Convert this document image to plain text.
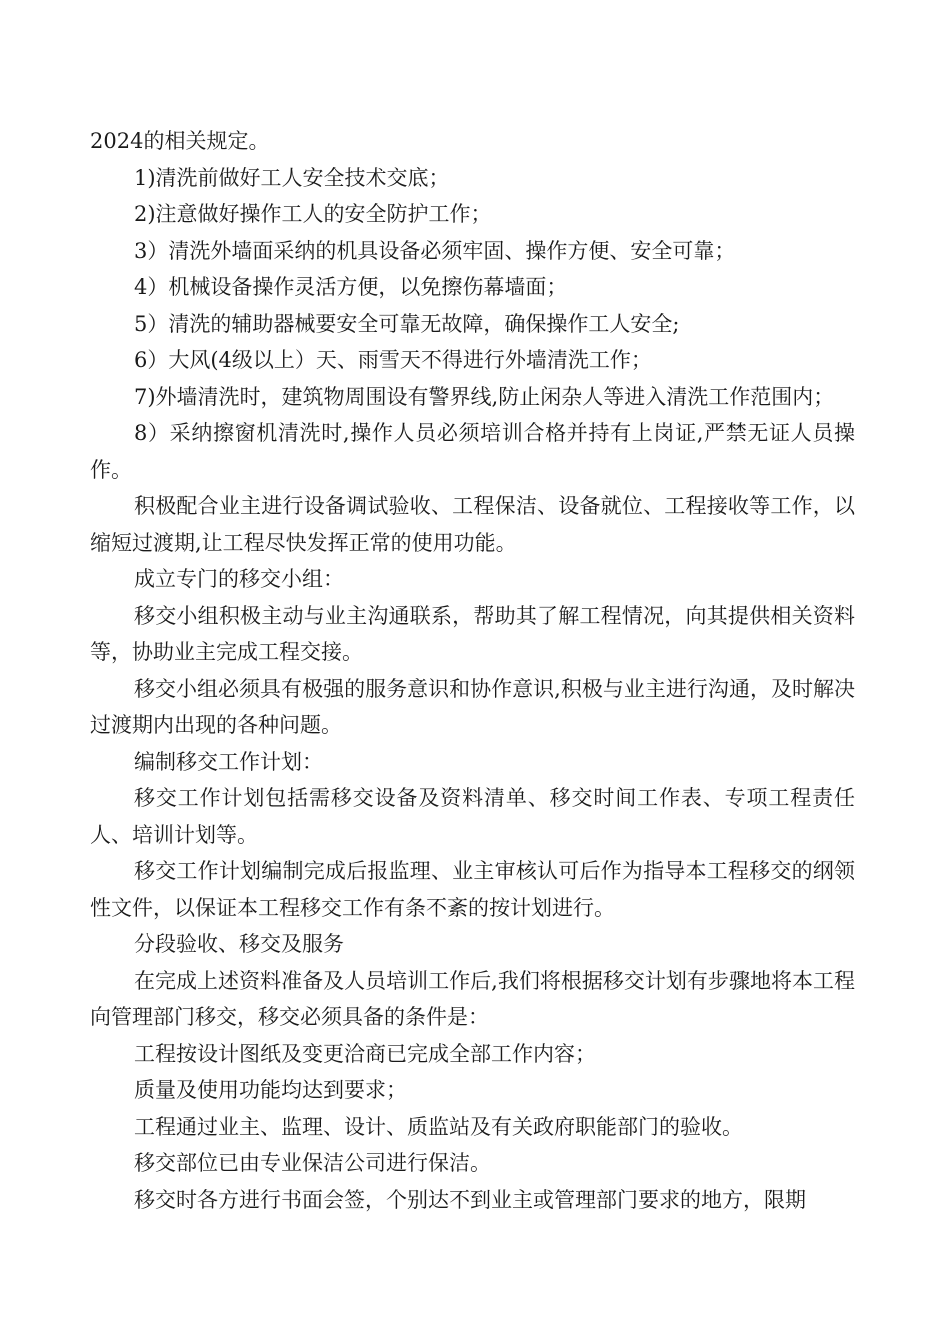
2024的相关规定。

1)清洗前做好工人安全技术交底；

2)注意做好操作工人的安全防护工作；

3）清洗外墙面采纳的机具设备必须牢固、操作方便、安全可靠；

4）机械设备操作灵活方便，以免擦伤幕墙面；

5）清洗的辅助器械要安全可靠无故障，确保操作工人安全;

6）大风(4级以上）天、雨雪天不得进行外墙清洗工作；

7)外墙清洗时，建筑物周围设有警界线,防止闲杂人等进入清洗工作范围内；

8）采纳擦窗机清洗时,操作人员必须培训合格并持有上岗证,严禁无证人员操作。

积极配合业主进行设备调试验收、工程保洁、设备就位、工程接收等工作，以缩短过渡期,让工程尽快发挥正常的使用功能。

成立专门的移交小组：

移交小组积极主动与业主沟通联系，帮助其了解工程情况，向其提供相关资料等，协助业主完成工程交接。

移交小组必须具有极强的服务意识和协作意识,积极与业主进行沟通，及时解决过渡期内出现的各种问题。

编制移交工作计划：

移交工作计划包括需移交设备及资料清单、移交时间工作表、专项工程责任人、培训计划等。

移交工作计划编制完成后报监理、业主审核认可后作为指导本工程移交的纲领性文件，以保证本工程移交工作有条不紊的按计划进行。

分段验收、移交及服务

在完成上述资料准备及人员培训工作后,我们将根据移交计划有步骤地将本工程向管理部门移交，移交必须具备的条件是：

工程按设计图纸及变更洽商已完成全部工作内容；

质量及使用功能均达到要求；

工程通过业主、监理、设计、质监站及有关政府职能部门的验收。

移交部位已由专业保洁公司进行保洁。

移交时各方进行书面会签，个别达不到业主或管理部门要求的地方，限期
